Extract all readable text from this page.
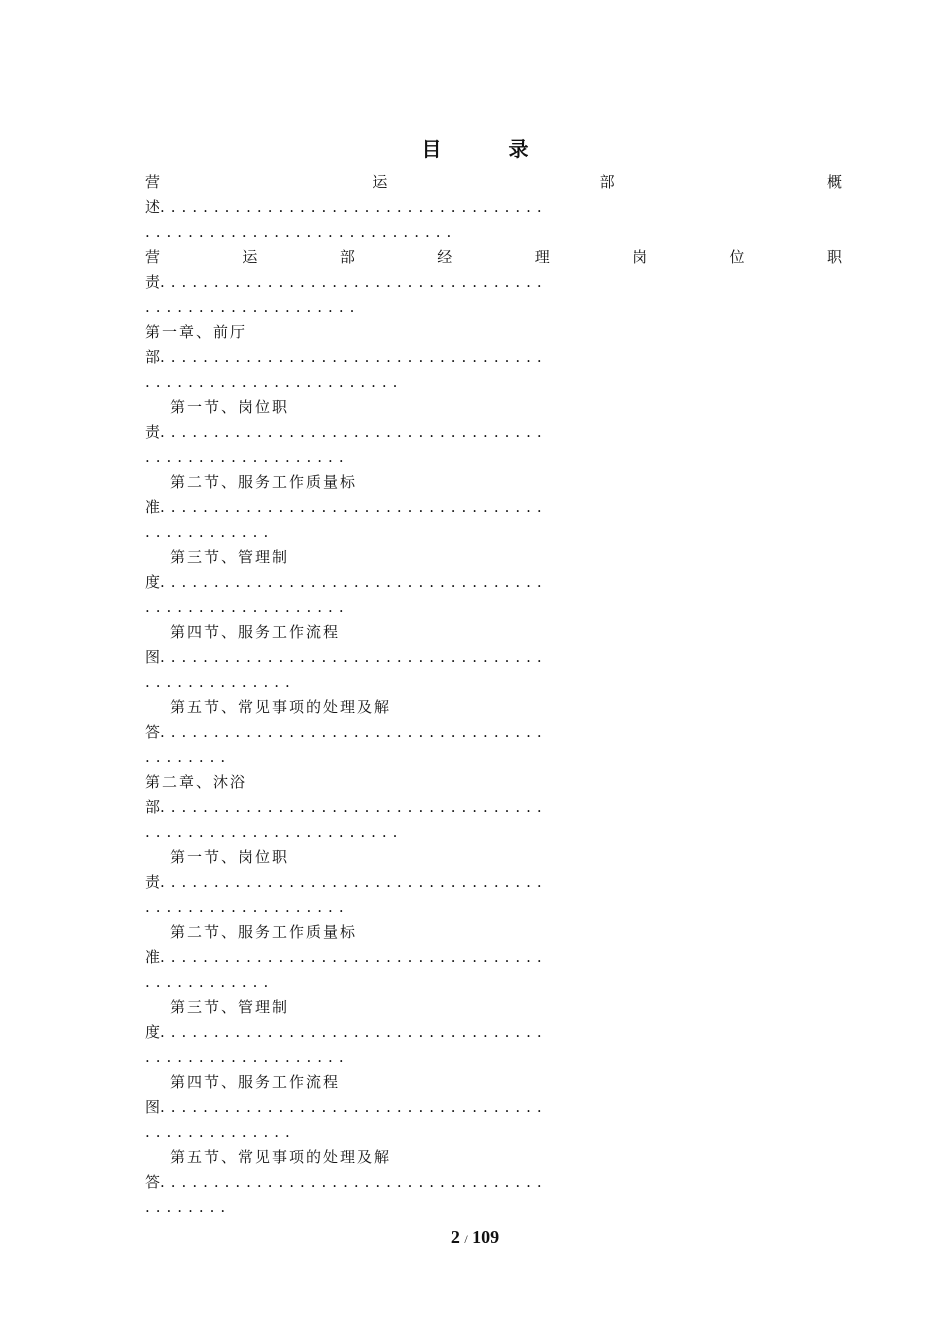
目 录
营	运	部	概
述....................................
.............................
营	运	部	经	理	岗	位	职
责....................................
....................
第一章、前厅
部....................................
........................
第一节、岗位职
责....................................
...................
第二节、服务工作质量标
准....................................
............
第三节、管理制
度....................................
...................
第四节、服务工作流程
图....................................
..............
第五节、常见事项的处理及解
答....................................
........
第二章、沐浴
部....................................
........................
第一节、岗位职
责....................................
...................
第二节、服务工作质量标
准....................................
............
第三节、管理制
度....................................
...................
第四节、服务工作流程
图....................................
..............
第五节、常见事项的处理及解
答....................................
........
2 / 109
